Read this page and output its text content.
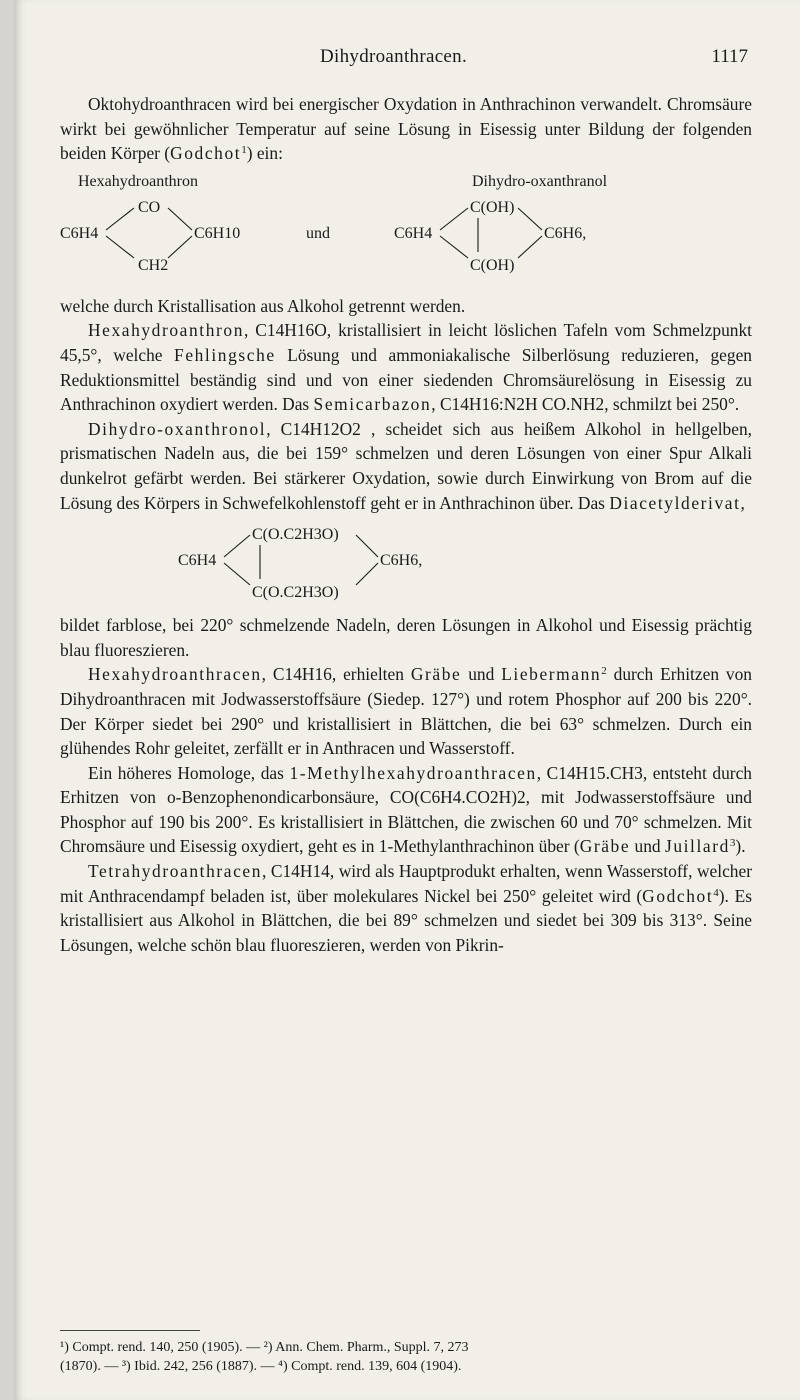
Dihydroanthracen.	1117

Oktohydroanthracen wird bei energischer Oxydation in Anthrachinon verwandelt. Chromsäure wirkt bei gewöhnlicher Temperatur auf seine Lösung in Eisessig unter Bildung der folgenden beiden Körper (Godchot$^1$) ein:

Hexahydroanthron	Dihydro-oxanthranol
C6H4
CO
CH2
C6H10	und	C6H4
C(OH)
C(OH)
C6H6,

welche durch Kristallisation aus Alkohol getrennt werden.

Hexahydroanthron, C14H16O, kristallisiert in leicht löslichen Tafeln vom Schmelzpunkt 45,5°, welche Fehlingsche Lösung und ammoniakalische Silberlösung reduzieren, gegen Reduktionsmittel beständig sind und von einer siedenden Chromsäurelösung in Eisessig zu Anthrachinon oxydiert werden. Das Semicarbazon, C14H16:N2H CO.NH2, schmilzt bei 250°.

Dihydro-oxanthronol, C14H12O2 , scheidet sich aus heißem Alkohol in hellgelben, prismatischen Nadeln aus, die bei 159° schmelzen und deren Lösungen von einer Spur Alkali dunkelrot gefärbt werden. Bei stärkerer Oxydation, sowie durch Einwirkung von Brom auf die Lösung des Körpers in Schwefelkohlenstoff geht er in Anthrachinon über. Das Diacetylderivat,

C6H4
C(O.C2H3O)
C(O.C2H3O)
C6H6,

bildet farblose, bei 220° schmelzende Nadeln, deren Lösungen in Alkohol und Eisessig prächtig blau fluoreszieren.

Hexahydroanthracen, C14H16, erhielten Gräbe und Liebermann$^2$ durch Erhitzen von Dihydroanthracen mit Jodwasserstoffsäure (Siedep. 127°) und rotem Phosphor auf 200 bis 220°. Der Körper siedet bei 290° und kristallisiert in Blättchen, die bei 63° schmelzen. Durch ein glühendes Rohr geleitet, zerfällt er in Anthracen und Wasserstoff.

Ein höheres Homologe, das 1-Methylhexahydroanthracen, C14H15.CH3, entsteht durch Erhitzen von o-Benzophenondicarbonsäure, CO(C6H4.CO2H)2, mit Jodwasserstoffsäure und Phosphor auf 190 bis 200°. Es kristallisiert in Blättchen, die zwischen 60 und 70° schmelzen. Mit Chromsäure und Eisessig oxydiert, geht es in 1-Methylanthrachinon über (Gräbe und Juillard$^3$).

Tetrahydroanthracen, C14H14, wird als Hauptprodukt erhalten, wenn Wasserstoff, welcher mit Anthracendampf beladen ist, über molekulares Nickel bei 250° geleitet wird (Godchot$^4$). Es kristallisiert aus Alkohol in Blättchen, die bei 89° schmelzen und siedet bei 309 bis 313°. Seine Lösungen, welche schön blau fluoreszieren, werden von Pikrin-

¹) Compt. rend. 140, 250 (1905). — ²) Ann. Chem. Pharm., Suppl. 7, 273
(1870). — ³) Ibid. 242, 256 (1887). — ⁴) Compt. rend. 139, 604 (1904).
